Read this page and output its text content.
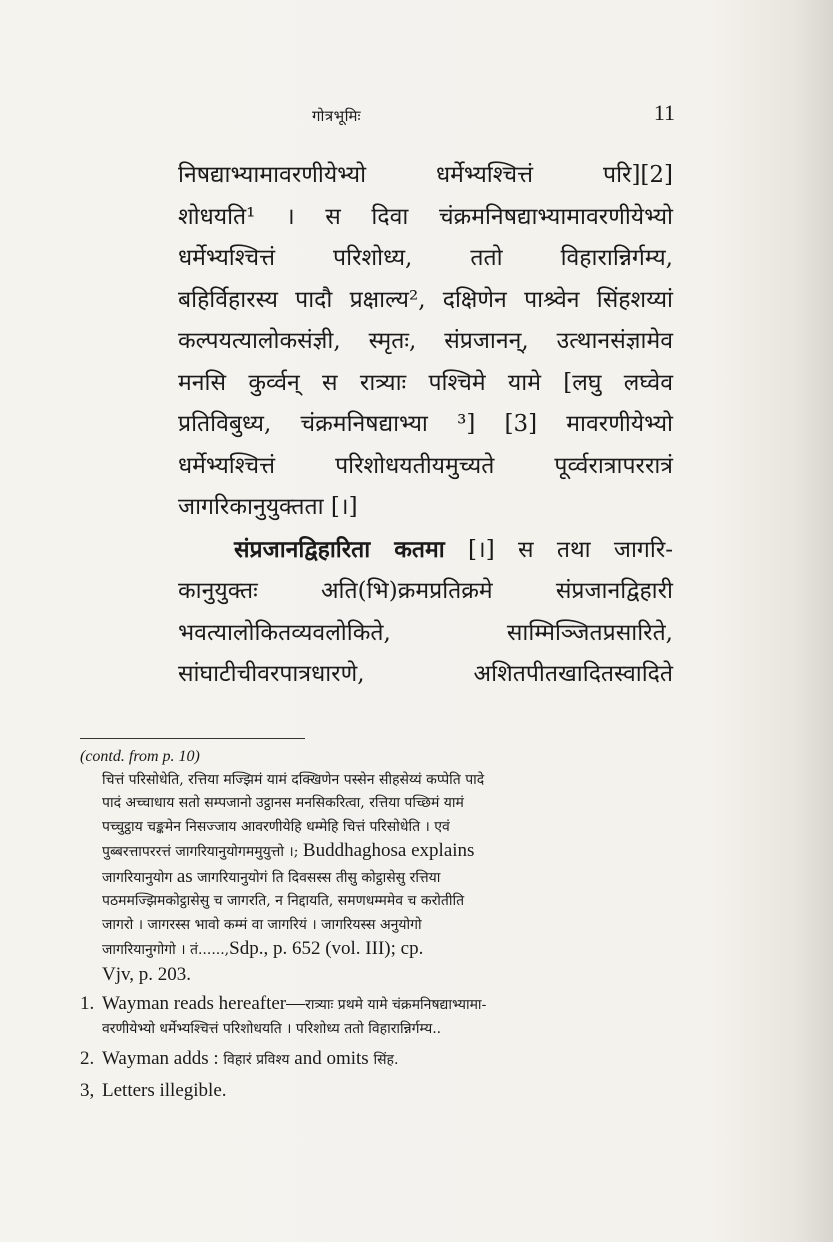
गोत्रभूमिः	11

निषद्याभ्यामावरणीयेभ्यो धर्मेभ्यश्चित्तं परि][2]

शोधयति¹ । स दिवा चंक्रमनिषद्याभ्यामावरणीयेभ्यो

धर्मेभ्यश्चित्तं परिशोध्य, ततो विहारान्निर्गम्य,

बहिर्विहारस्य पादौ प्रक्षाल्य², दक्षिणेन पाश्र्वेन सिंहशय्यां

कल्पयत्यालोकसंज्ञी, स्मृतः, संप्रजानन्, उत्थानसंज्ञामेव

मनसि कुर्व्वन् स रात्र्याः पश्चिमे यामे [लघु लघ्वेव

प्रतिविबुध्य, चंक्रमनिषद्याभ्या ³] [3] मावरणीयेभ्यो

धर्मेभ्यश्चित्तं परिशोधयतीयमुच्यते पूर्व्वरात्रापररात्रं

जागरिकानुयुक्तता [।]

संप्रजानद्विहारिता कतमा [।] स तथा जागरि-

कानुयुक्तः अति(भि)क्रमप्रतिक्रमे संप्रजानद्विहारी

भवत्यालोकितव्यवलोकिते, साम्मिञ्जितप्रसारिते,

सांघाटीचीवरपात्रधारणे, अशितपीतखादितस्वादिते

(contd. from p. 10)
चित्तं परिसोधेति, रत्तिया मज्झिमं यामं दक्खिणेन पस्सेन सीहसेय्यं कप्पेति पादे
पादं अच्चाधाय सतो सम्पजानो उट्ठानस मनसिकरित्वा, रत्तिया पच्छिमं यामं
पच्चुट्ठाय चङ्कमेन निसज्जाय आवरणीयेहि धम्मेहि चित्तं परिसोधेति । एवं
पुब्बरत्तापररत्तं जागरियानुयोगममुयुत्तो ।; Buddhaghosa explains
जागरियानुयोग as जागरियानुयोगं ति दिवसस्स तीसु कोट्ठासेसु रत्तिया
पठममज्झिमकोट्ठासेसु च जागरति, न निद्दायति, समणधम्ममेव च करोतीति
जागरो । जागरस्स भावो कम्मं वा जागरियं । जागरियस्स अनुयोगो
जागरियानुगोगो । तं......,Sdp., p. 652 (vol. III); cp.
Vjv, p. 203.
1. Wayman reads hereafter—रात्र्याः प्रथमे यामे चंक्रमनिषद्याभ्यामा-
वरणीयेभ्यो धर्मेभ्यश्चित्तं परिशोधयति । परिशोध्य ततो विहारान्निर्गम्य..
2. Wayman adds : विहारं प्रविश्य and omits सिंह.
3, Letters illegible.
